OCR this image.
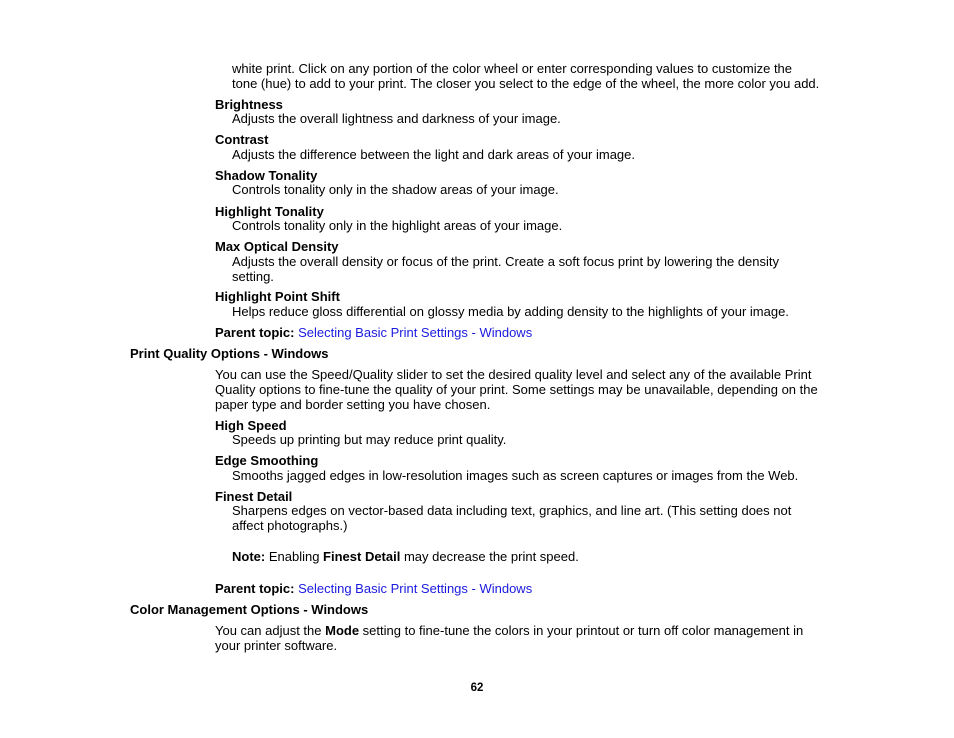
white print. Click on any portion of the color wheel or enter corresponding values to customize the
tone (hue) to add to your print. The closer you select to the edge of the wheel, the more color you add.
Brightness
Adjusts the overall lightness and darkness of your image.
Contrast
Adjusts the difference between the light and dark areas of your image.
Shadow Tonality
Controls tonality only in the shadow areas of your image.
Highlight Tonality
Controls tonality only in the highlight areas of your image.
Max Optical Density
Adjusts the overall density or focus of the print. Create a soft focus print by lowering the density
setting.
Highlight Point Shift
Helps reduce gloss differential on glossy media by adding density to the highlights of your image.
Parent topic: Selecting Basic Print Settings - Windows
Print Quality Options - Windows
You can use the Speed/Quality slider to set the desired quality level and select any of the available Print
Quality options to fine-tune the quality of your print. Some settings may be unavailable, depending on the
paper type and border setting you have chosen.
High Speed
Speeds up printing but may reduce print quality.
Edge Smoothing
Smooths jagged edges in low-resolution images such as screen captures or images from the Web.
Finest Detail
Sharpens edges on vector-based data including text, graphics, and line art. (This setting does not
affect photographs.)
Note: Enabling Finest Detail may decrease the print speed.
Parent topic: Selecting Basic Print Settings - Windows
Color Management Options - Windows
You can adjust the Mode setting to fine-tune the colors in your printout or turn off color management in
your printer software.
62
